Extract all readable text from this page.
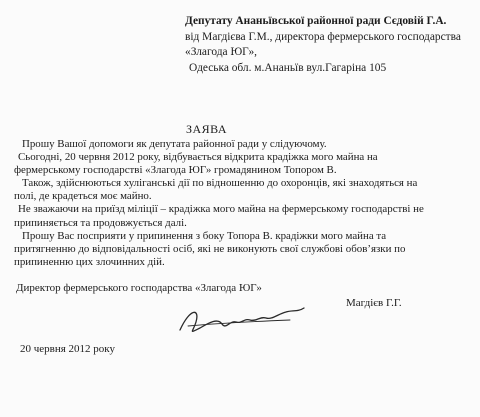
Депутату Ананьївської районної ради Сєдовій Г.А.
від Магдієва Г.М., директора фермерського господарства
«Злагода ЮГ»,
Одеська обл. м.Ананьїв вул.Гагаріна 105
ЗАЯВА

Прошу Вашої допомоги як депутата районної ради у слідуючому.

Сьогодні, 20 червня 2012 року, відбувається відкрита крадіжка мого майна на

фермерському господарстві «Злагода ЮГ» громадянином Топором В.

Також, здійснюються хуліганські дії по відношенню до охоронців, які знаходяться на

полі, де крадеться моє майно.

Не зважаючи на приїзд міліції – крадіжка мого майна на фермерському господарстві не

припиняється та продовжується далі.

Прошу Вас посприяти у припинення з боку Топора В. крадіжки мого майна та

притягненню до відповідальності осіб, які не виконують свої службові обов’язки по

припиненню цих злочинних дій.

Директор фермерського господарства «Злагода ЮГ»
Магдієв Г.Г.
20 червня 2012 року
